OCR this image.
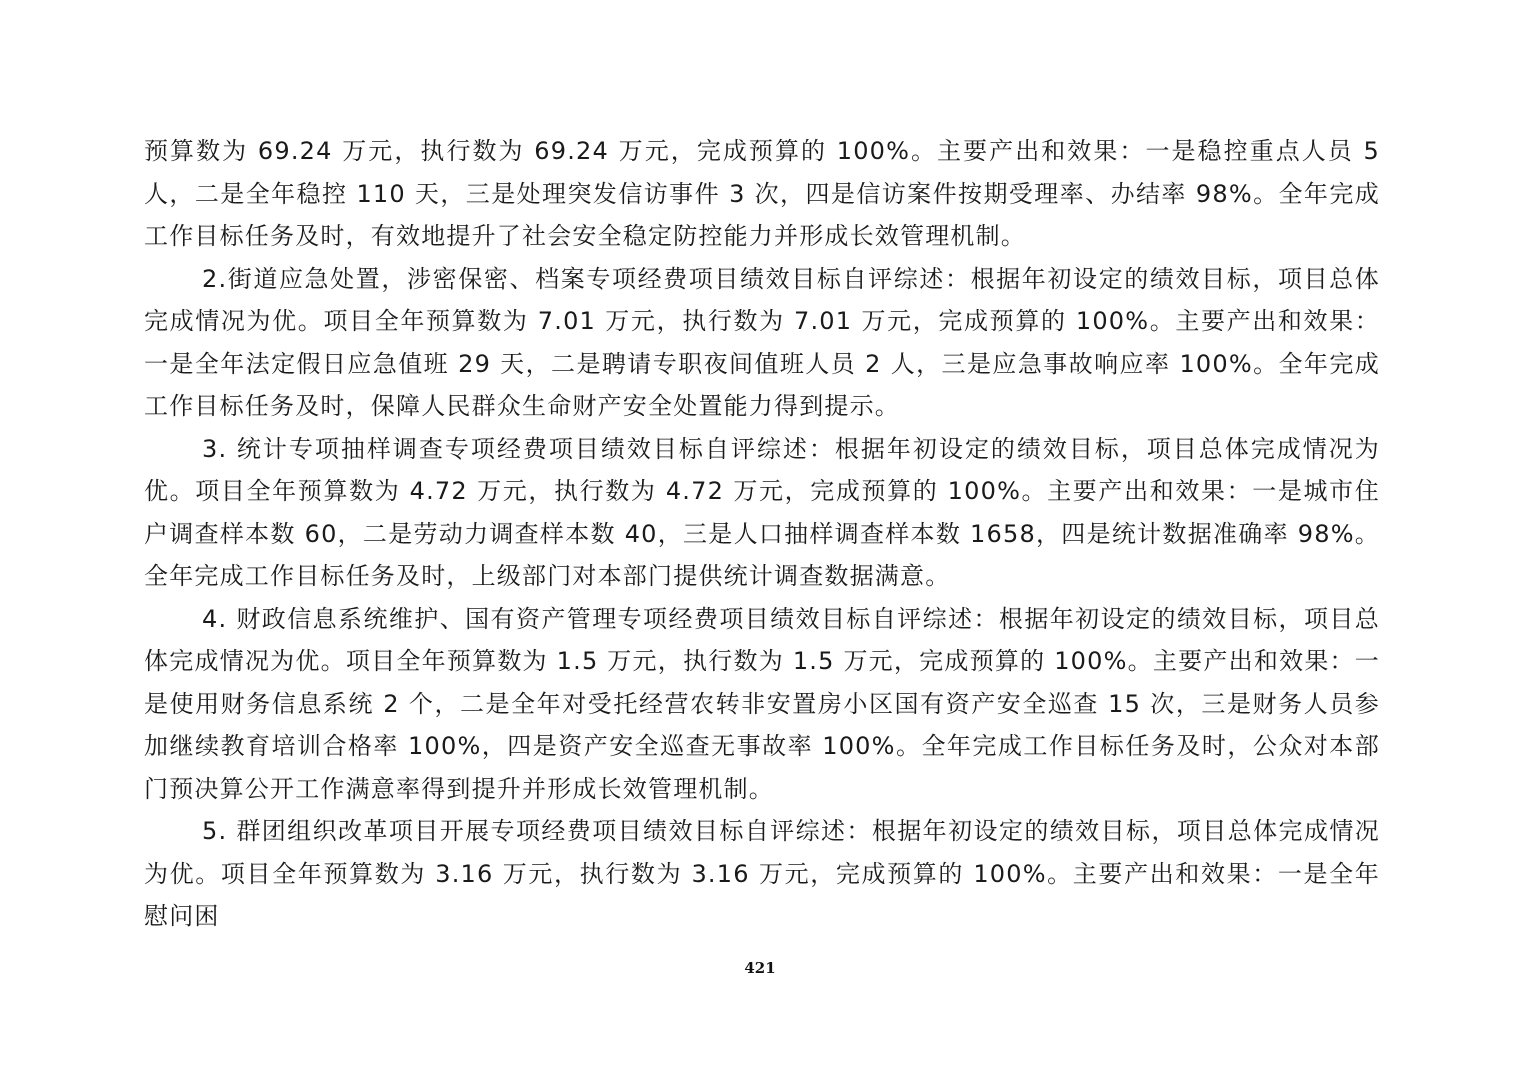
预算数为 69.24 万元，执行数为 69.24 万元，完成预算的 100%。主要产出和效果：一是稳控重点人员 5 人，二是全年稳控 110 天，三是处理突发信访事件 3 次，四是信访案件按期受理率、办结率 98%。全年完成工作目标任务及时，有效地提升了社会安全稳定防控能力并形成长效管理机制。

2.街道应急处置，涉密保密、档案专项经费项目绩效目标自评综述：根据年初设定的绩效目标，项目总体完成情况为优。项目全年预算数为 7.01 万元，执行数为 7.01 万元，完成预算的 100%。主要产出和效果：一是全年法定假日应急值班 29 天，二是聘请专职夜间值班人员 2 人，三是应急事故响应率 100%。全年完成工作目标任务及时，保障人民群众生命财产安全处置能力得到提示。

3. 统计专项抽样调查专项经费项目绩效目标自评综述：根据年初设定的绩效目标，项目总体完成情况为优。项目全年预算数为 4.72 万元，执行数为 4.72 万元，完成预算的 100%。主要产出和效果：一是城市住户调查样本数 60，二是劳动力调查样本数 40，三是人口抽样调查样本数 1658，四是统计数据准确率 98%。全年完成工作目标任务及时，上级部门对本部门提供统计调查数据满意。

4. 财政信息系统维护、国有资产管理专项经费项目绩效目标自评综述：根据年初设定的绩效目标，项目总体完成情况为优。项目全年预算数为 1.5 万元，执行数为 1.5 万元，完成预算的 100%。主要产出和效果：一是使用财务信息系统 2 个，二是全年对受托经营农转非安置房小区国有资产安全巡查 15 次，三是财务人员参加继续教育培训合格率 100%，四是资产安全巡查无事故率 100%。全年完成工作目标任务及时，公众对本部门预决算公开工作满意率得到提升并形成长效管理机制。

5. 群团组织改革项目开展专项经费项目绩效目标自评综述：根据年初设定的绩效目标，项目总体完成情况为优。项目全年预算数为 3.16 万元，执行数为 3.16 万元，完成预算的 100%。主要产出和效果：一是全年慰问困

421
